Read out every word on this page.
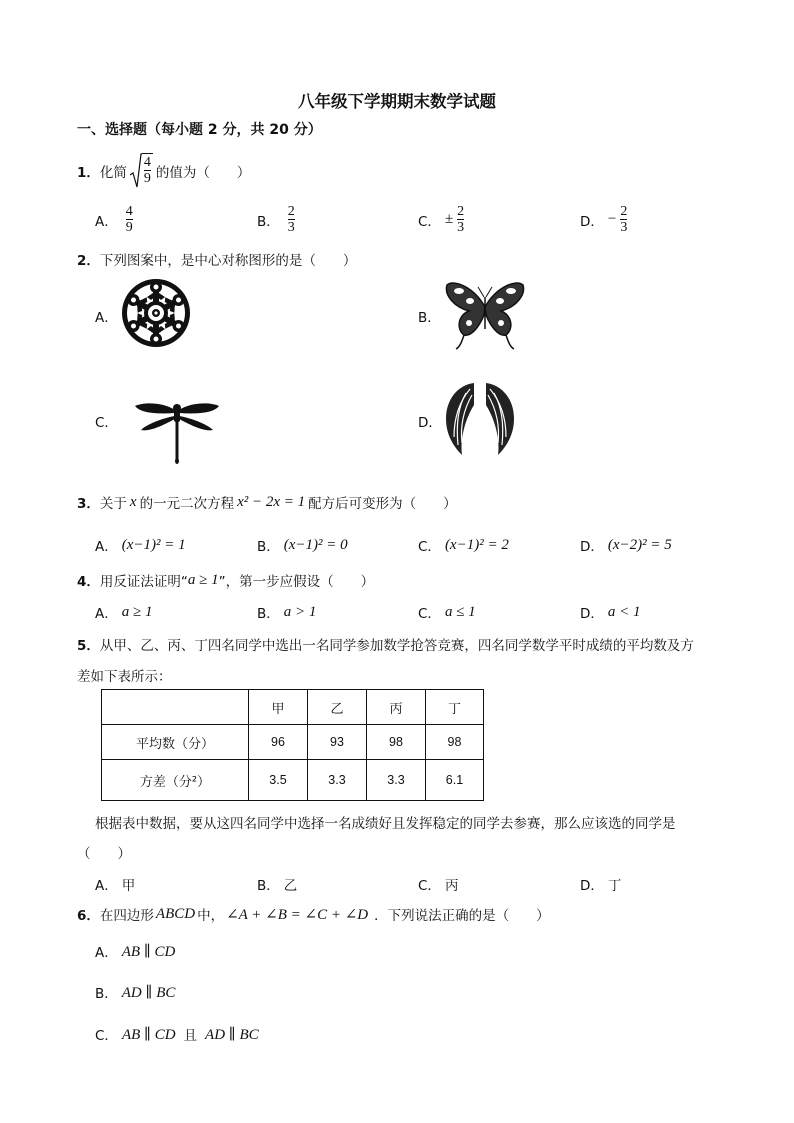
八年级下学期期末数学试题
一、选择题（每小题 2 分，共 20 分）
1． 化简 $\frac{4}{9}$ 的值为（　　）
A． $\frac{4}{9}$	B． $\frac{2}{3}$	C． ± $\frac{2}{3}$	D． − $\frac{2}{3}$
2．下列图案中，是中心对称图形的是（　　）
A．	B．
C．	D．
3． 关于 x 的一元二次方程 x² − 2x = 1 配方后可变形为（　　）
A． (x−1)² = 1	B． (x−1)² = 0	C． (x−1)² = 2	D． (x−2)² = 5
4． 用反证法证明“ a ≥ 1 ”，第一步应假设（　　）
A． a ≥ 1	B． a > 1	C． a ≤ 1	D． a < 1
5．从甲、乙、丙、丁四名同学中选出一名同学参加数学抢答竞赛，四名同学数学平时成绩的平均数及方
差如下表所示：
	甲	乙	丙	丁
平均数（分）	96	93	98	98
方差（分²）	3.5	3.3	3.3	6.1
根据表中数据，要从这四名同学中选择一名成绩好且发挥稳定的同学去参赛，那么应该选的同学是
（　　）
A． 甲	B． 乙	C． 丙	D． 丁
6． 在四边形 ABCD 中， ∠A + ∠B = ∠C + ∠D ．下列说法正确的是（　　）
A． AB ∥ CD
B． AD ∥ BC
C． AB ∥ CD 且 AD ∥ BC
